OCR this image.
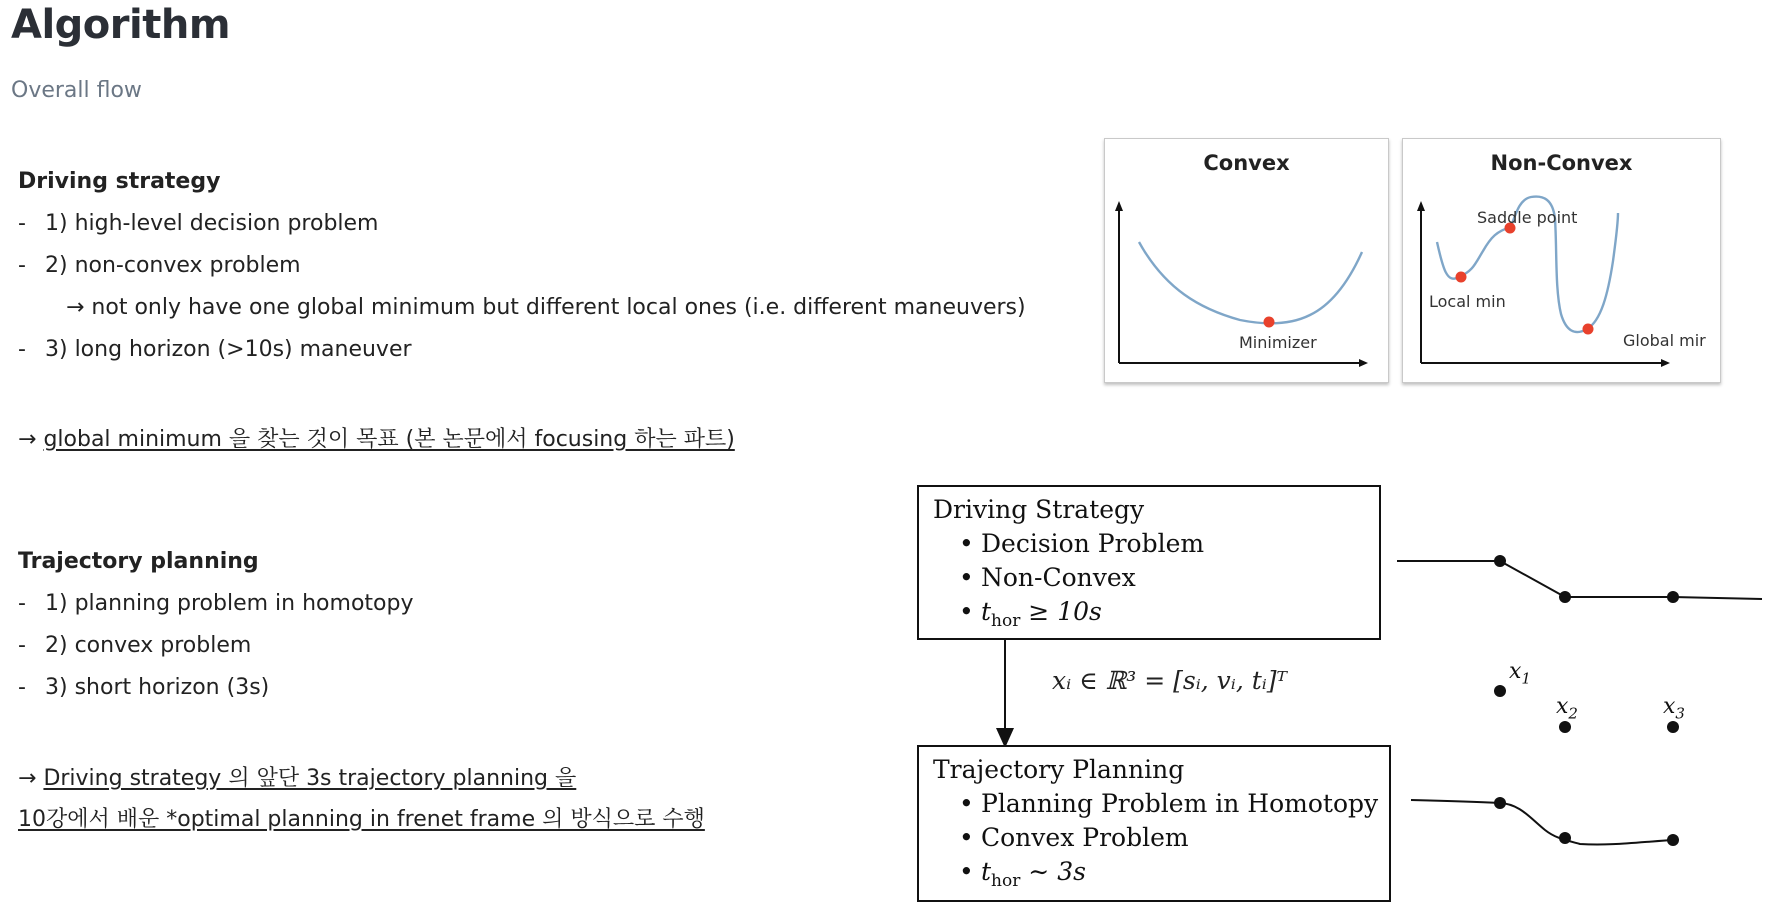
Algorithm
Overall flow
Driving strategy
- 1) high-level decision problem
- 2) non-convex problem
→ not only have one global minimum but different local ones (i.e. different maneuvers)
- 3) long horizon (>10s) maneuver
→ global minimum 을 찾는 것이 목표 (본 논문에서 focusing 하는 파트)
Trajectory planning
- 1) planning problem in homotopy
- 2) convex problem
- 3) short horizon (3s)
→ Driving strategy 의 앞단 3s trajectory planning 을
10강에서 배운 *optimal planning in frenet frame 의 방식으로 수행
Convex
Minimizer
Non-Convex
Saddle point
Local min
Global mir
Driving Strategy
• Decision Problem
• Non-Convex
• $t_{hor} \ge 10s$
xᵢ ∈ ℝ³ = [sᵢ, vᵢ, tᵢ]ᵀ
Trajectory Planning
• Planning Problem in Homotopy
• Convex Problem
• $t_{hor}$ ∼ 3s
$x_1$
$x_2$	$x_3$
